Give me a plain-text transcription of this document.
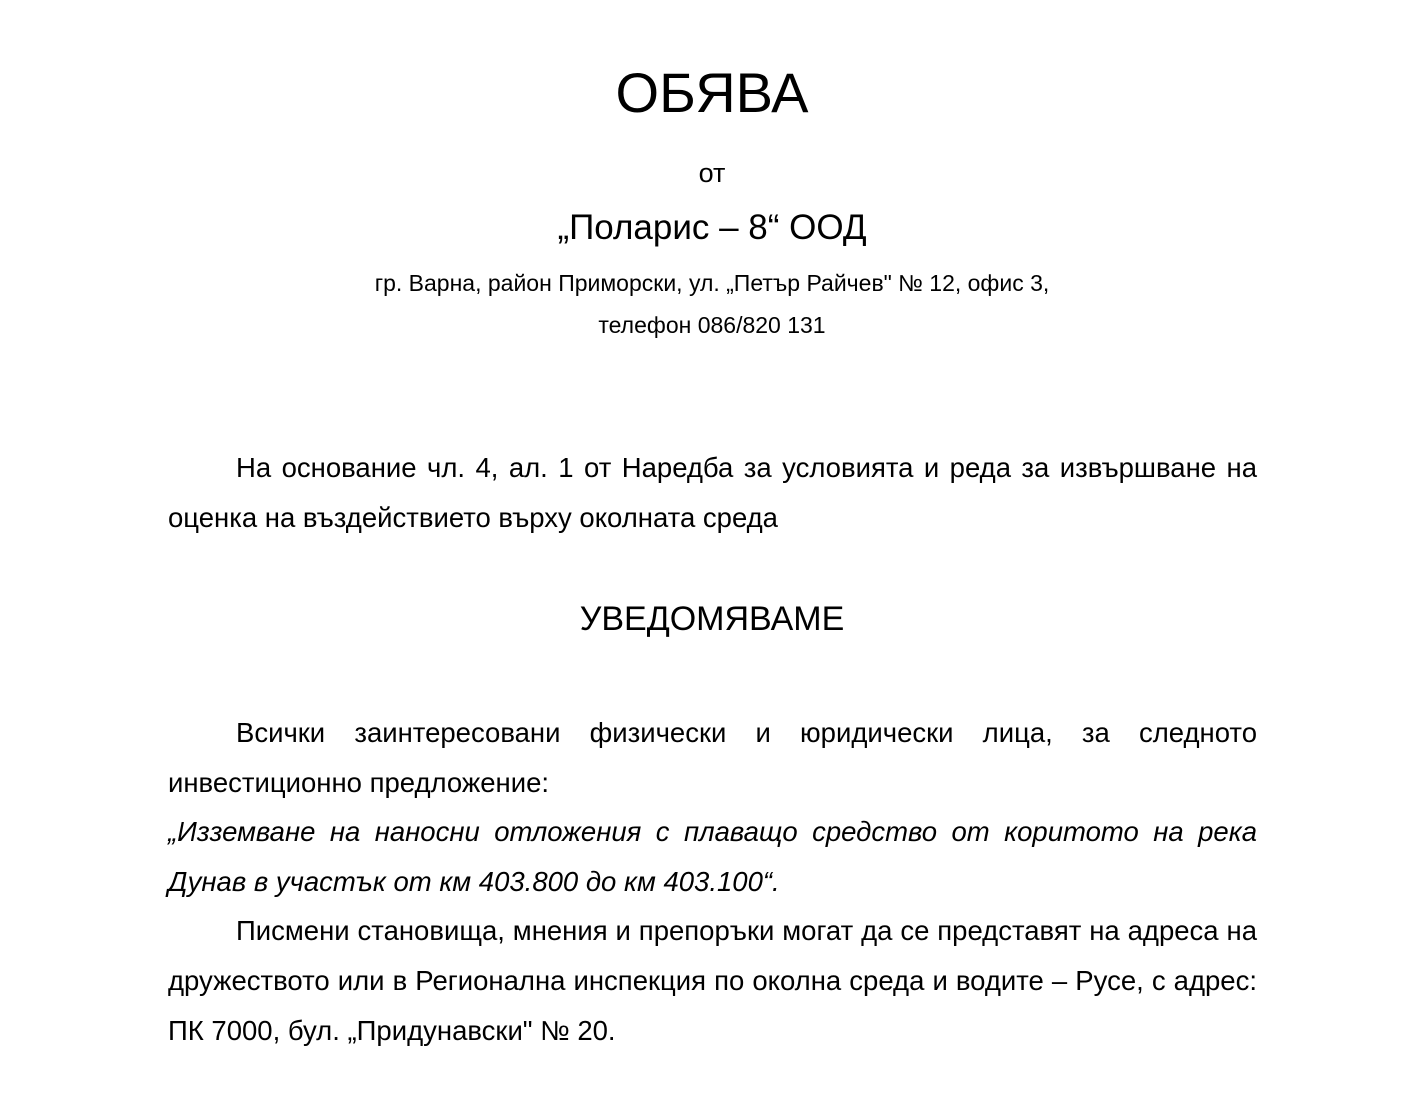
ОБЯВА
от
„Поларис – 8“ ООД
гр. Варна, район Приморски, ул. „Петър Райчев" № 12, офис 3,
телефон 086/820 131

На основание чл. 4, ал. 1 от Наредба за условията и реда за извършване на оценка на въздействието върху околната среда

УВЕДОМЯВАМЕ

Всички заинтересовани физически и юридически лица, за следното инвестиционно предложение:

„Изземване на наносни отложения с плаващо средство от коритото на река Дунав в участък от км 403.800 до км 403.100“.

Писмени становища, мнения и препоръки могат да се представят на адреса на дружеството или в Регионална инспекция по околна среда и водите – Русе, с адрес: ПК 7000, бул. „Придунавски" № 20.
